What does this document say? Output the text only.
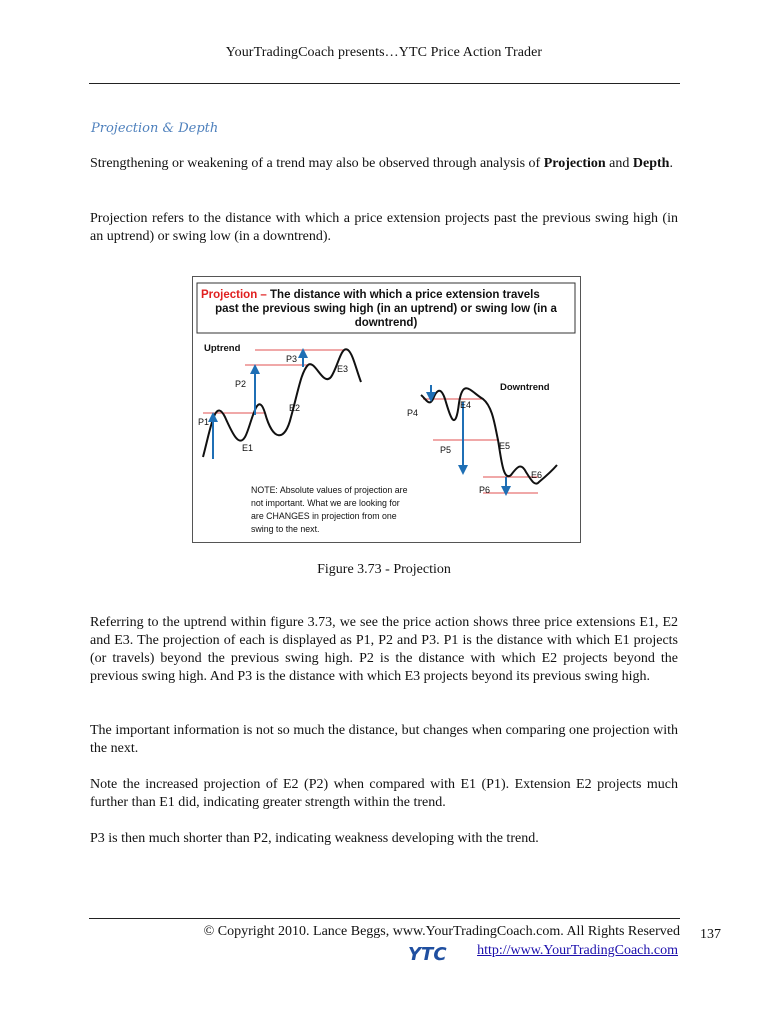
YourTradingCoach presents…YTC Price Action Trader
Projection & Depth

Strengthening or weakening of a trend may also be observed through analysis of Projection and Depth.

Projection refers to the distance with which a price extension projects past the previous swing high (in an uptrend) or swing low (in a downtrend).

Projection – The distance with which a price extension travels
past the previous swing high (in an uptrend) or swing low (in a
downtrend)
Uptrend
P1
P2
P3
E1
E2
E3
Downtrend
P4
P5
P6
E4
E5
E6
NOTE: Absolute values of projection are
not important. What we are looking for
are CHANGES in projection from one
swing to the next.
Figure 3.73 - Projection

Referring to the uptrend within figure 3.73, we see the price action shows three price extensions E1, E2 and E3. The projection of each is displayed as P1, P2 and P3. P1 is the distance with which E1 projects (or travels) beyond the previous swing high. P2 is the distance with which E2 projects beyond the previous swing high. And P3 is the distance with which E3 projects beyond its previous swing high.

The important information is not so much the distance, but changes when comparing one projection with the next.

Note the increased projection of E2 (P2) when compared with E1 (P1). Extension E2 projects much further than E1 did, indicating greater strength within the trend.

P3 is then much shorter than P2, indicating weakness developing with the trend.

© Copyright 2010. Lance Beggs, www.YourTradingCoach.com. All Rights Reserved 137
YTC	http://www.YourTradingCoach.com
